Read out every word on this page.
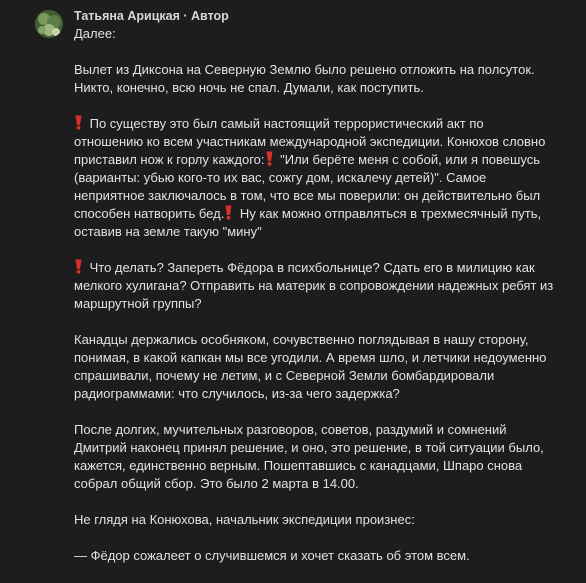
Татьяна Арицкая · Автор

Далее:

Вылет из Диксона на Северную Землю было решено отложить на полсуток. Никто, конечно, всю ночь не спал. Думали, как поступить.

По существу это был самый настоящий террористический акт по отношению ко всем участникам международной экспедиции. Конюхов словно приставил нож к горлу каждого:
"Или берёте меня с собой, или я повешусь (варианты: убью кого-то их вас, сожгу дом, искалечу детей)". Самое неприятное заключалось в том, что все мы поверили: он действительно был способен натворить бед.
Ну как можно отправляться в трехмесячный путь, оставив на земле такую "мину"

Что делать? Запереть Фёдора в психбольнице? Сдать его в милицию как мелкого хулигана? Отправить на материк в сопровождении надежных ребят из маршрутной группы?

Канадцы держались особняком, сочувственно поглядывая в нашу сторону, понимая, в какой капкан мы все угодили. А время шло, и летчики недоуменно спрашивали, почему не летим, и с Северной Земли бомбардировали радиограммами: что случилось, из-за чего задержка?

После долгих, мучительных разговоров, советов, раздумий и сомнений Дмитрий наконец принял решение, и оно, это решение, в той ситуации было, кажется, единственно верным. Пошептавшись с канадцами, Шпаро снова собрал общий сбор. Это было 2 марта в 14.00.

Не глядя на Конюхова, начальник экспедиции произнес:

— Фёдор сожалеет о случившемся и хочет сказать об этом всем.
